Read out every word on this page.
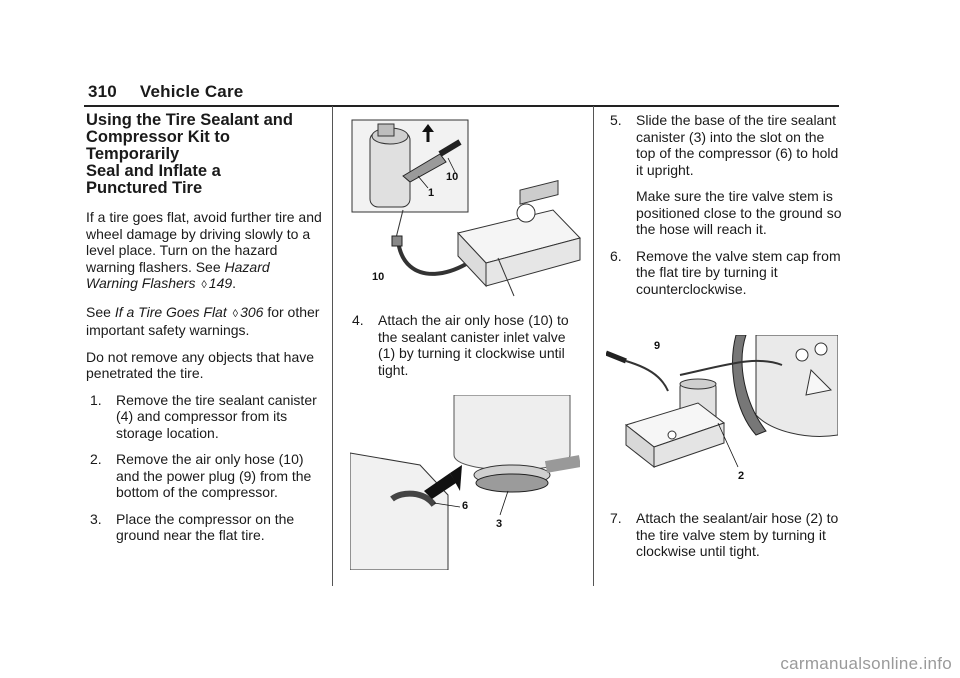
310 Vehicle Care
Using the Tire Sealant and
Compressor Kit to Temporarily
Seal and Inflate a
Punctured Tire

If a tire goes flat, avoid further tire and wheel damage by driving slowly to a level place. Turn on the hazard warning flashers. See Hazard Warning Flashers ◊ 149.

See If a Tire Goes Flat ◊ 306 for other important safety warnings.

Do not remove any objects that have penetrated the tire.

1. Remove the tire sealant canister (4) and compressor from its storage location.
2. Remove the air only hose (10) and the power plug (9) from the bottom of the compressor.
3. Place the compressor on the ground near the flat tire.
10
1
10
4. Attach the air only hose (10) to the sealant canister inlet valve (1) by turning it clockwise until tight.
6
3
5. Slide the base of the tire sealant canister (3) into the slot on the top of the compressor (6) to hold it upright.

Make sure the tire valve stem is positioned close to the ground so the hose will reach it.

6. Remove the valve stem cap from the flat tire by turning it counterclockwise.
9
2
7. Attach the sealant/air hose (2) to the tire valve stem by turning it clockwise until tight.
carmanualsonline.info
